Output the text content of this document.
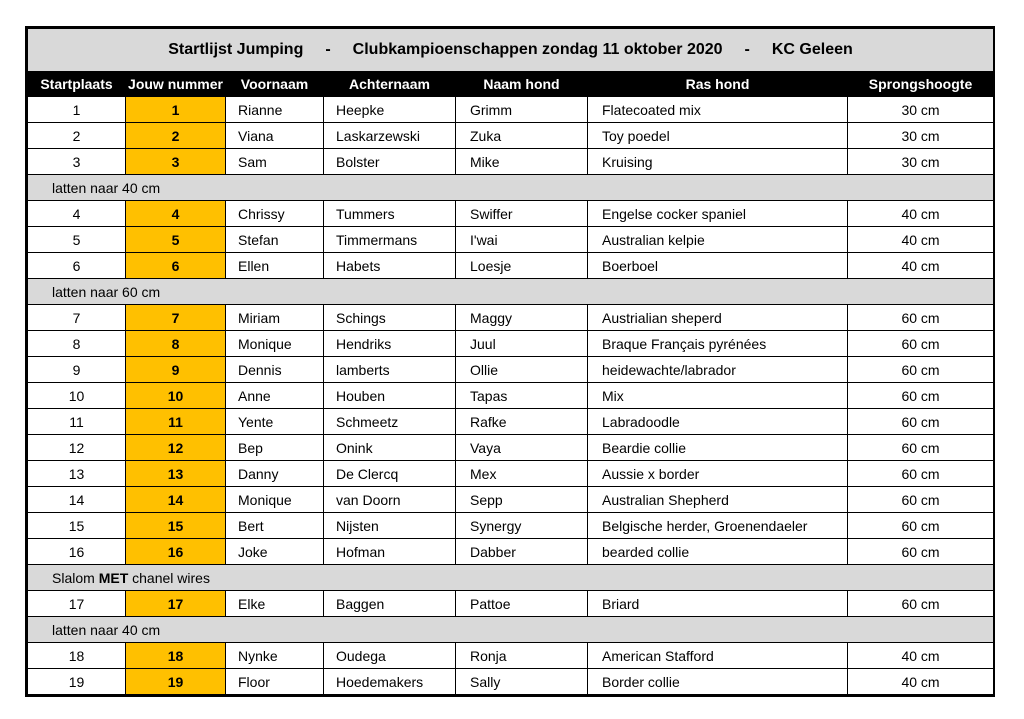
Startlijst Jumping - Clubkampioenschappen zondag 11 oktober 2020 - KC Geleen						
Startplaats	Jouw nummer	Voornaam	Achternaam	Naam hond	Ras hond	Sprongshoogte
1	1	Rianne	Heepke	Grimm	Flatecoated mix	30 cm
2	2	Viana	Laskarzewski	Zuka	Toy poedel	30 cm
3	3	Sam	Bolster	Mike	Kruising	30 cm
latten naar 40 cm						
4	4	Chrissy	Tummers	Swiffer	Engelse cocker spaniel	40 cm
5	5	Stefan	Timmermans	I'wai	Australian kelpie	40 cm
6	6	Ellen	Habets	Loesje	Boerboel	40 cm
latten naar 60 cm						
7	7	Miriam	Schings	Maggy	Austrialian sheperd	60 cm
8	8	Monique	Hendriks	Juul	Braque Français pyrénées	60 cm
9	9	Dennis	lamberts	Ollie	heidewachte/labrador	60 cm
10	10	Anne	Houben	Tapas	Mix	60 cm
11	11	Yente	Schmeetz	Rafke	Labradoodle	60 cm
12	12	Bep	Onink	Vaya	Beardie collie	60 cm
13	13	Danny	De Clercq	Mex	Aussie x border	60 cm
14	14	Monique	van Doorn	Sepp	Australian Shepherd	60 cm
15	15	Bert	Nijsten	Synergy	Belgische herder, Groenendaeler	60 cm
16	16	Joke	Hofman	Dabber	bearded collie	60 cm
Slalom MET chanel wires						
17	17	Elke	Baggen	Pattoe	Briard	60 cm
latten naar 40 cm						
18	18	Nynke	Oudega	Ronja	American Stafford	40 cm
19	19	Floor	Hoedemakers	Sally	Border collie	40 cm
